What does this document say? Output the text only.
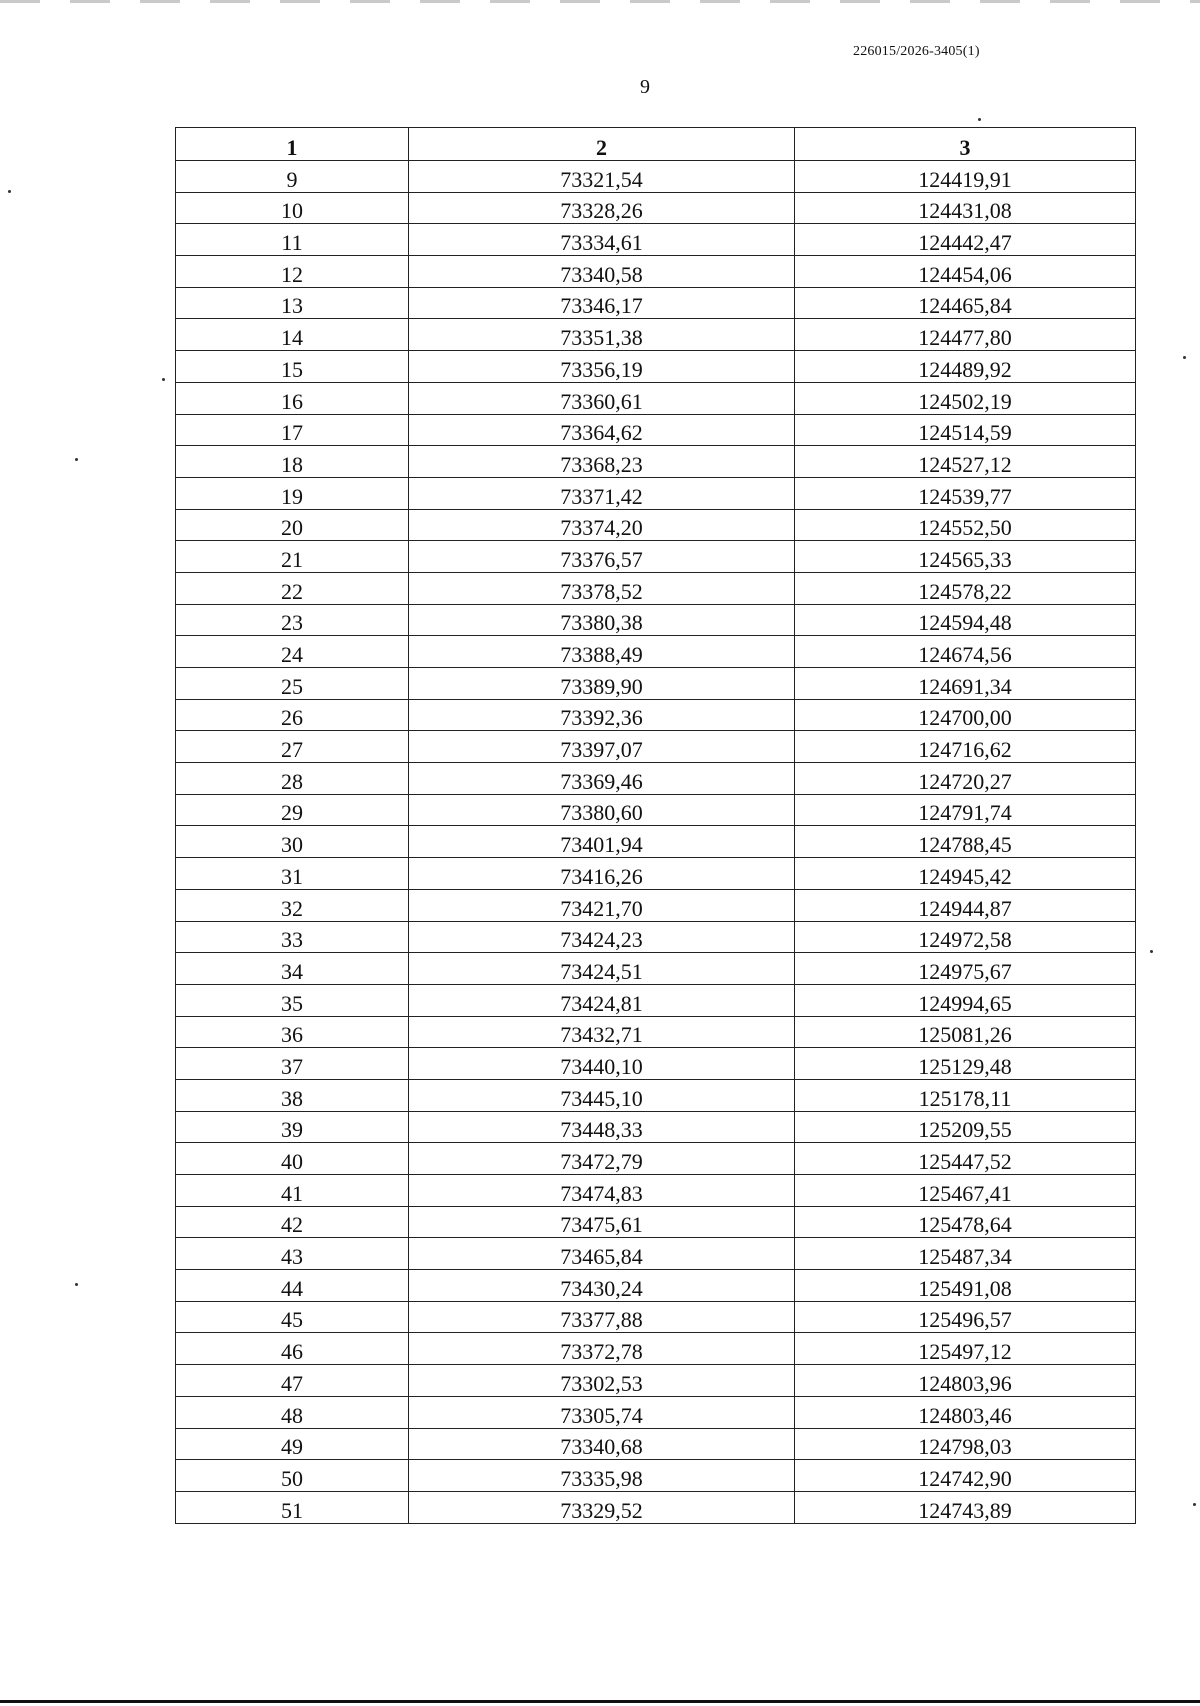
226015/2026-3405(1)
9
1	2	3
9	73321,54	124419,91
10	73328,26	124431,08
11	73334,61	124442,47
12	73340,58	124454,06
13	73346,17	124465,84
14	73351,38	124477,80
15	73356,19	124489,92
16	73360,61	124502,19
17	73364,62	124514,59
18	73368,23	124527,12
19	73371,42	124539,77
20	73374,20	124552,50
21	73376,57	124565,33
22	73378,52	124578,22
23	73380,38	124594,48
24	73388,49	124674,56
25	73389,90	124691,34
26	73392,36	124700,00
27	73397,07	124716,62
28	73369,46	124720,27
29	73380,60	124791,74
30	73401,94	124788,45
31	73416,26	124945,42
32	73421,70	124944,87
33	73424,23	124972,58
34	73424,51	124975,67
35	73424,81	124994,65
36	73432,71	125081,26
37	73440,10	125129,48
38	73445,10	125178,11
39	73448,33	125209,55
40	73472,79	125447,52
41	73474,83	125467,41
42	73475,61	125478,64
43	73465,84	125487,34
44	73430,24	125491,08
45	73377,88	125496,57
46	73372,78	125497,12
47	73302,53	124803,96
48	73305,74	124803,46
49	73340,68	124798,03
50	73335,98	124742,90
51	73329,52	124743,89
